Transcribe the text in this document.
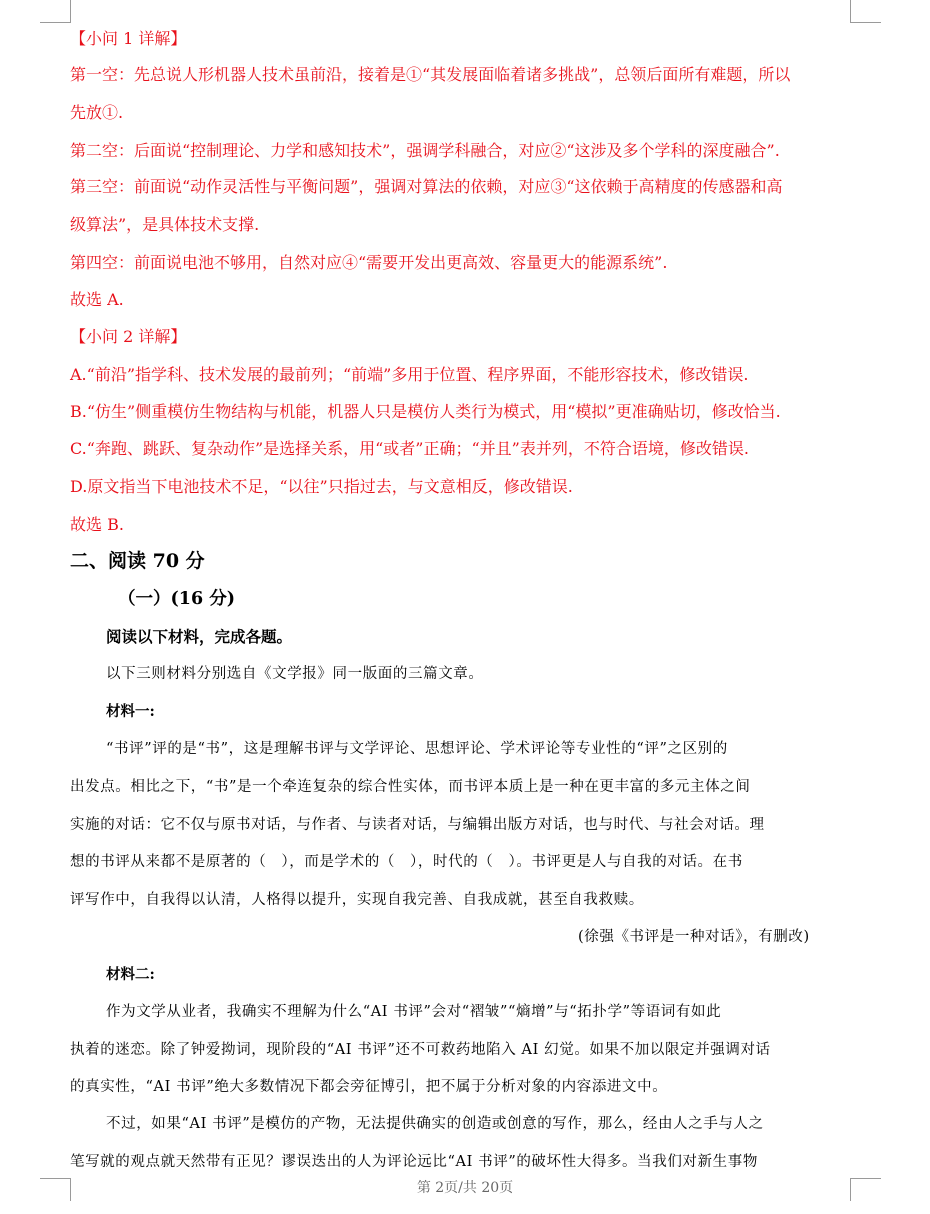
【小问 1 详解】
第一空：先总说人形机器人技术虽前沿，接着是①“其发展面临着诸多挑战”，总领后面所有难题，所以
先放①.
第二空：后面说“控制理论、力学和感知技术”，强调学科融合，对应②“这涉及多个学科的深度融合”.
第三空：前面说“动作灵活性与平衡问题”，强调对算法的依赖，对应③“这依赖于高精度的传感器和高
级算法”，是具体技术支撑.
第四空：前面说电池不够用，自然对应④“需要开发出更高效、容量更大的能源系统”.
故选 A.
【小问 2 详解】
A.“前沿”指学科、技术发展的最前列；“前端”多用于位置、程序界面，不能形容技术，修改错误.
B.“仿生”侧重模仿生物结构与机能，机器人只是模仿人类行为模式，用“模拟”更准确贴切，修改恰当.
C.“奔跑、跳跃、复杂动作”是选择关系，用“或者”正确；“并且”表并列，不符合语境，修改错误.
D.原文指当下电池技术不足，“以往”只指过去，与文意相反，修改错误.
故选 B.
二、阅读 70 分
（一）(16 分)
阅读以下材料，完成各题。
以下三则材料分别选自《文学报》同一版面的三篇文章。
材料一:
“书评”评的是“书”，这是理解书评与文学评论、思想评论、学术评论等专业性的“评”之区别的
出发点。相比之下，“书”是一个牵连复杂的综合性实体，而书评本质上是一种在更丰富的多元主体之间
实施的对话：它不仅与原书对话，与作者、与读者对话，与编辑出版方对话，也与时代、与社会对话。理
想的书评从来都不是原著的（　），而是学术的（　），时代的（　）。书评更是人与自我的对话。在书
评写作中，自我得以认清，人格得以提升，实现自我完善、自我成就，甚至自我救赎。
(徐强《书评是一种对话》，有删改)
材料二:
作为文学从业者，我确实不理解为什么“AI 书评”会对“褶皱”“熵增”与“拓扑学”等语词有如此
执着的迷恋。除了钟爱拗词，现阶段的“AI 书评”还不可救药地陷入 AI 幻觉。如果不加以限定并强调对话
的真实性，“AI 书评”绝大多数情况下都会旁征博引，把不属于分析对象的内容添进文中。
不过，如果“AI 书评”是模仿的产物，无法提供确实的创造或创意的写作，那么，经由人之手与人之
笔写就的观点就天然带有正见？谬误迭出的人为评论远比“AI 书评”的破坏性大得多。当我们对新生事物
第 2页/共 20页
